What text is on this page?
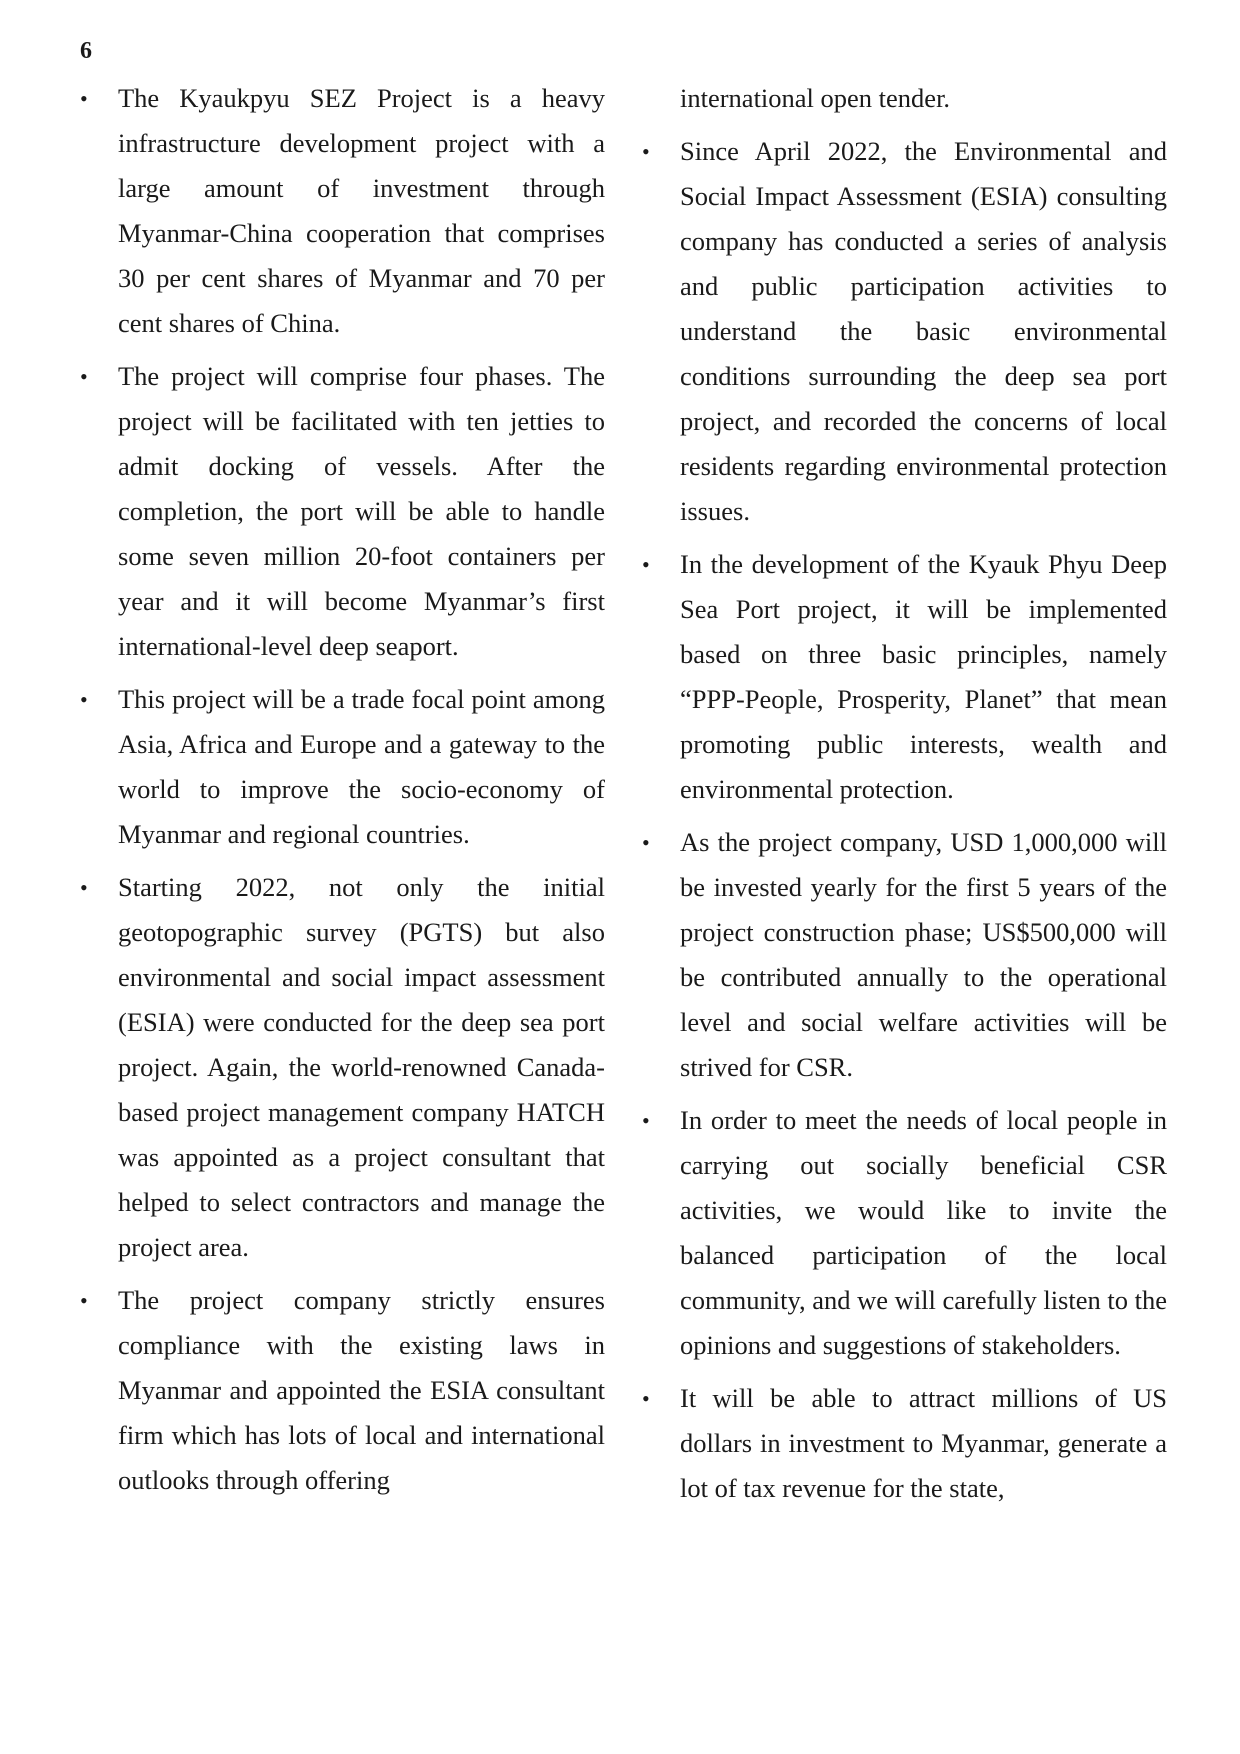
6
•	The Kyaukpyu SEZ Project is a heavy infrastructure development project with a large amount of investment through Myanmar-China cooperation that comprises 30 per cent shares of Myanmar and 70 per cent shares of China.
•	The project will comprise four phases. The project will be facilitated with ten jetties to admit docking of vessels. After the completion, the port will be able to handle some seven million 20-foot containers per year and it will become Myanmar’s first international-level deep seaport.
•	This project will be a trade focal point among Asia, Africa and Europe and a gateway to the world to improve the socio-economy of Myanmar and regional countries.
•	Starting 2022, not only the initial geotopographic survey (PGTS) but also environmental and social impact assessment (ESIA) were conducted for the deep sea port project. Again, the world-renowned Canada-based project management company HATCH was appointed as a project consultant that helped to select contractors and manage the project area.
•	The project company strictly ensures compliance with the existing laws in Myanmar and appointed the ESIA consultant firm which has lots of local and international outlooks through offering
international open tender.
•	Since April 2022, the Environmental and Social Impact Assessment (ESIA) consulting company has conducted a series of analysis and public participation activities to understand the basic environmental conditions surrounding the deep sea port project, and recorded the concerns of local residents regarding environmental protection issues.
•	In the development of the Kyauk Phyu Deep Sea Port project, it will be implemented based on three basic principles, namely “PPP-People, Prosperity, Planet” that mean promoting public interests, wealth and environmental protection.
•	As the project company, USD 1,000,000 will be invested yearly for the first 5 years of the project construction phase; US$500,000 will be contributed annually to the operational level and social welfare activities will be strived for CSR.
•	In order to meet the needs of local people in carrying out socially beneficial CSR activities, we would like to invite the balanced participation of the local community, and we will carefully listen to the opinions and suggestions of stakeholders.
•	It will be able to attract millions of US dollars in investment to Myanmar, generate a lot of tax revenue for the state,
